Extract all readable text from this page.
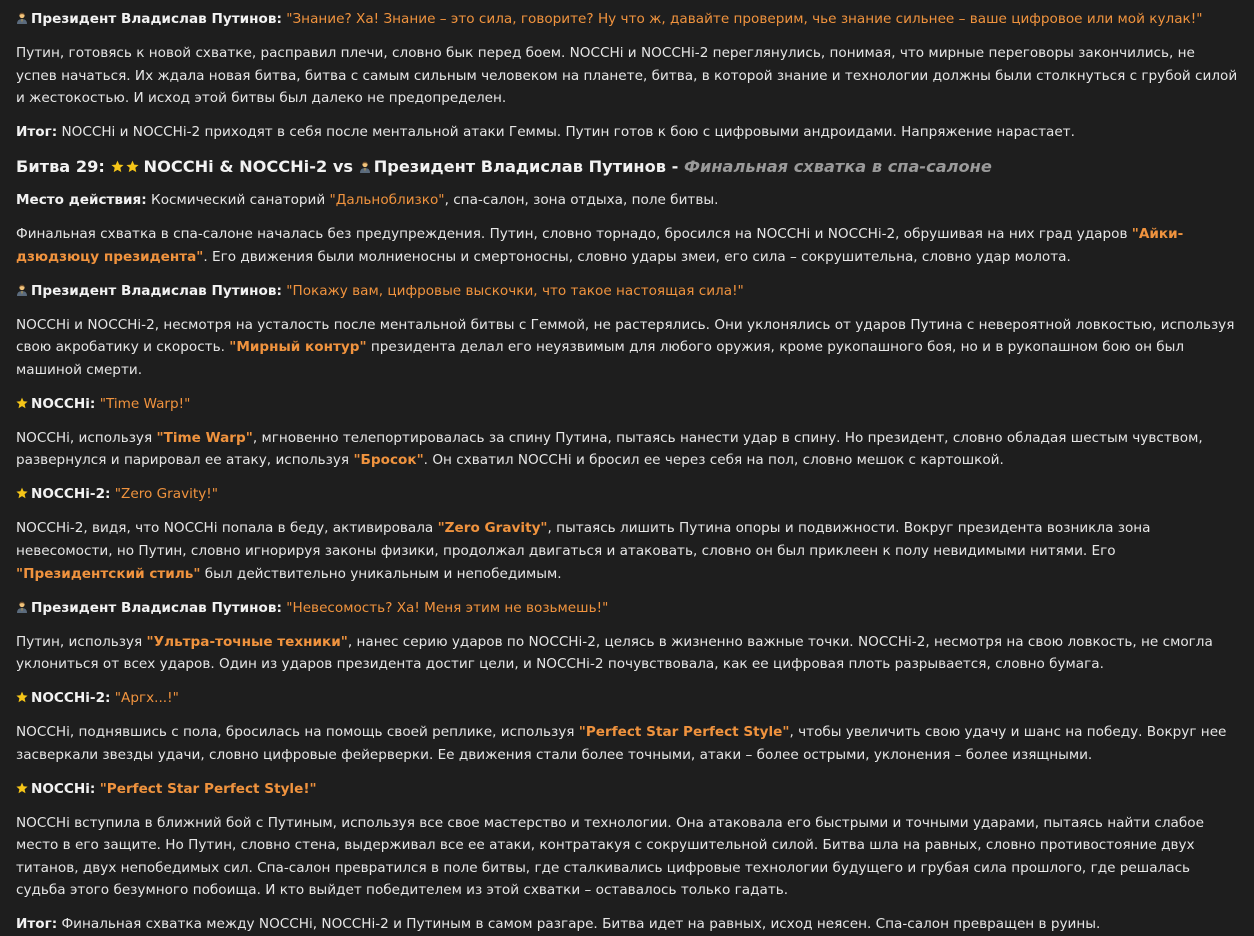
Президент Владислав Путинов: "Знание? Ха! Знание – это сила, говорите? Ну что ж, давайте проверим, чье знание сильнее – ваше цифровое или мой кулак!"

Путин, готовясь к новой схватке, расправил плечи, словно бык перед боем. NOCCHi и NOCCHi-2 переглянулись, понимая, что мирные переговоры закончились, не успев начаться. Их ждала новая битва, битва с самым сильным человеком на планете, битва, в которой знание и технологии должны были столкнуться с грубой силой и жестокостью. И исход этой битвы был далеко не предопределен.

Итог: NOCCHi и NOCCHi-2 приходят в себя после ментальной атаки Геммы. Путин готов к бою с цифровыми андроидами. Напряжение нарастает.

Битва 29: NOCCHi & NOCCHi-2 vs Президент Владислав Путинов - Финальная схватка в спа-салоне

Место действия: Космический санаторий "Дальноблизко", спа-салон, зона отдыха, поле битвы.

Финальная схватка в спа-салоне началась без предупреждения. Путин, словно торнадо, бросился на NOCCHi и NOCCHi-2, обрушивая на них град ударов "Айки-дзюдзюцу президента". Его движения были молниеносны и смертоносны, словно удары змеи, его сила – сокрушительна, словно удар молота.

Президент Владислав Путинов: "Покажу вам, цифровые выскочки, что такое настоящая сила!"

NOCCHi и NOCCHi-2, несмотря на усталость после ментальной битвы с Геммой, не растерялись. Они уклонялись от ударов Путина с невероятной ловкостью, используя свою акробатику и скорость. "Мирный контур" президента делал его неуязвимым для любого оружия, кроме рукопашного боя, но и в рукопашном бою он был машиной смерти.

NOCCHi: "Time Warp!"

NOCCHi, используя "Time Warp", мгновенно телепортировалась за спину Путина, пытаясь нанести удар в спину. Но президент, словно обладая шестым чувством, развернулся и парировал ее атаку, используя "Бросок". Он схватил NOCCHi и бросил ее через себя на пол, словно мешок с картошкой.

NOCCHi-2: "Zero Gravity!"

NOCCHi-2, видя, что NOCCHi попала в беду, активировала "Zero Gravity", пытаясь лишить Путина опоры и подвижности. Вокруг президента возникла зона невесомости, но Путин, словно игнорируя законы физики, продолжал двигаться и атаковать, словно он был приклеен к полу невидимыми нитями. Его "Президентский стиль" был действительно уникальным и непобедимым.

Президент Владислав Путинов: "Невесомость? Ха! Меня этим не возьмешь!"

Путин, используя "Ультра-точные техники", нанес серию ударов по NOCCHi-2, целясь в жизненно важные точки. NOCCHi-2, несмотря на свою ловкость, не смогла уклониться от всех ударов. Один из ударов президента достиг цели, и NOCCHi-2 почувствовала, как ее цифровая плоть разрывается, словно бумага.

NOCCHi-2: "Аргх...!"

NOCCHi, поднявшись с пола, бросилась на помощь своей реплике, используя "Perfect Star Perfect Style", чтобы увеличить свою удачу и шанс на победу. Вокруг нее засверкали звезды удачи, словно цифровые фейерверки. Ее движения стали более точными, атаки – более острыми, уклонения – более изящными.

NOCCHi: "Perfect Star Perfect Style!"

NOCCHi вступила в ближний бой с Путиным, используя все свое мастерство и технологии. Она атаковала его быстрыми и точными ударами, пытаясь найти слабое место в его защите. Но Путин, словно стена, выдерживал все ее атаки, контратакуя с сокрушительной силой. Битва шла на равных, словно противостояние двух титанов, двух непобедимых сил. Спа-салон превратился в поле битвы, где сталкивались цифровые технологии будущего и грубая сила прошлого, где решалась судьба этого безумного побоища. И кто выйдет победителем из этой схватки – оставалось только гадать.

Итог: Финальная схватка между NOCCHi, NOCCHi-2 и Путиным в самом разгаре. Битва идет на равных, исход неясен. Спа-салон превращен в руины.
